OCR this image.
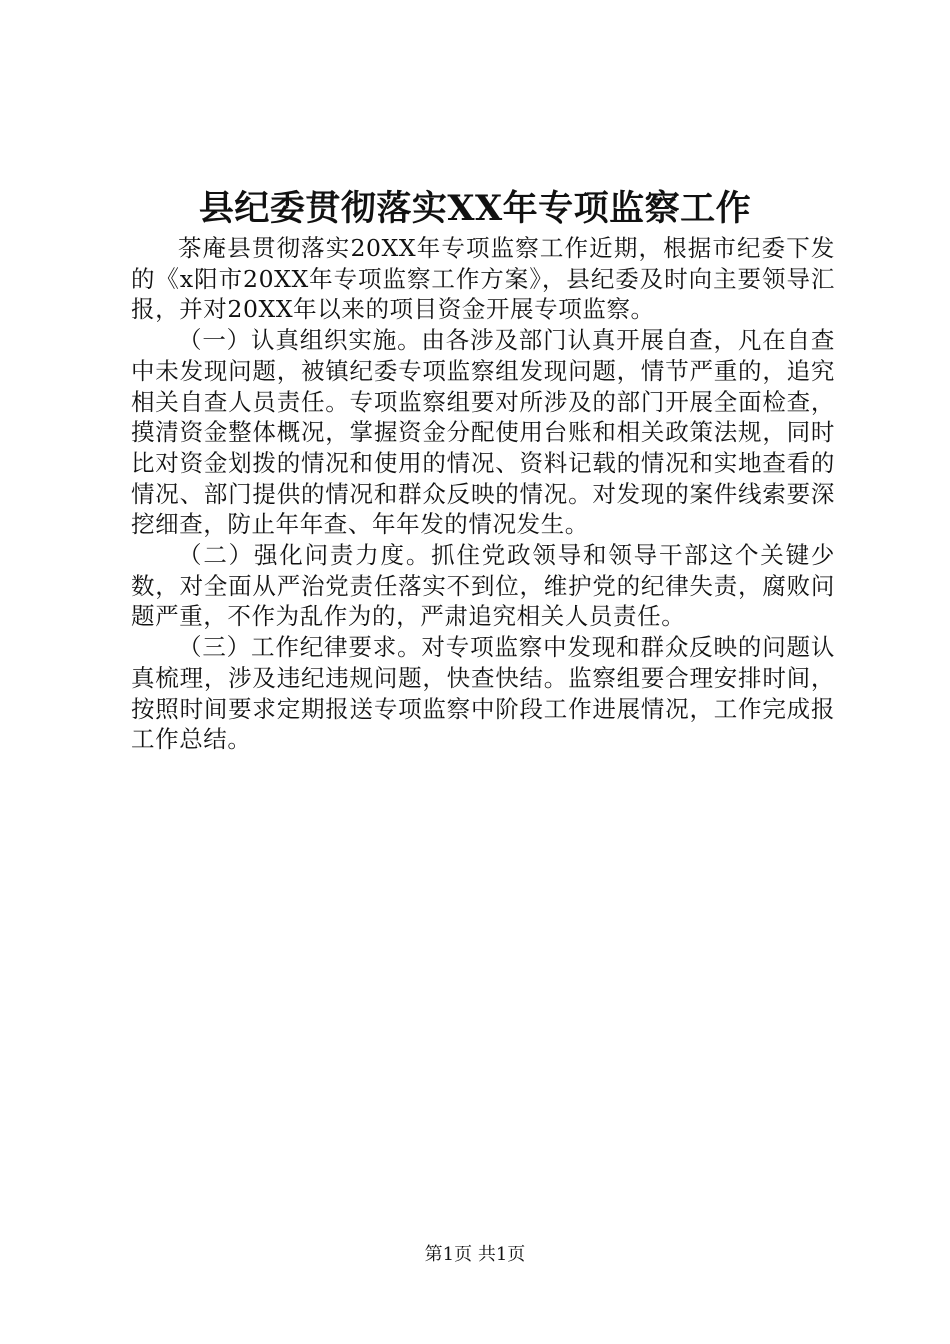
县纪委贯彻落实XX年专项监察工作

茶庵县贯彻落实20XX年专项监察工作近期，根据市纪委下发的《x阳市20XX年专项监察工作方案》，县纪委及时向主要领导汇报，并对20XX年以来的项目资金开展专项监察。

（一）认真组织实施。由各涉及部门认真开展自查，凡在自查中未发现问题，被镇纪委专项监察组发现问题，情节严重的，追究相关自查人员责任。专项监察组要对所涉及的部门开展全面检查，摸清资金整体概况，掌握资金分配使用台账和相关政策法规，同时比对资金划拨的情况和使用的情况、资料记载的情况和实地查看的情况、部门提供的情况和群众反映的情况。对发现的案件线索要深挖细查，防止年年查、年年发的情况发生。

（二）强化问责力度。抓住党政领导和领导干部这个关键少数，对全面从严治党责任落实不到位，维护党的纪律失责，腐败问题严重，不作为乱作为的，严肃追究相关人员责任。

（三）工作纪律要求。对专项监察中发现和群众反映的问题认真梳理，涉及违纪违规问题，快查快结。监察组要合理安排时间，按照时间要求定期报送专项监察中阶段工作进展情况，工作完成报工作总结。

第1页 共1页
